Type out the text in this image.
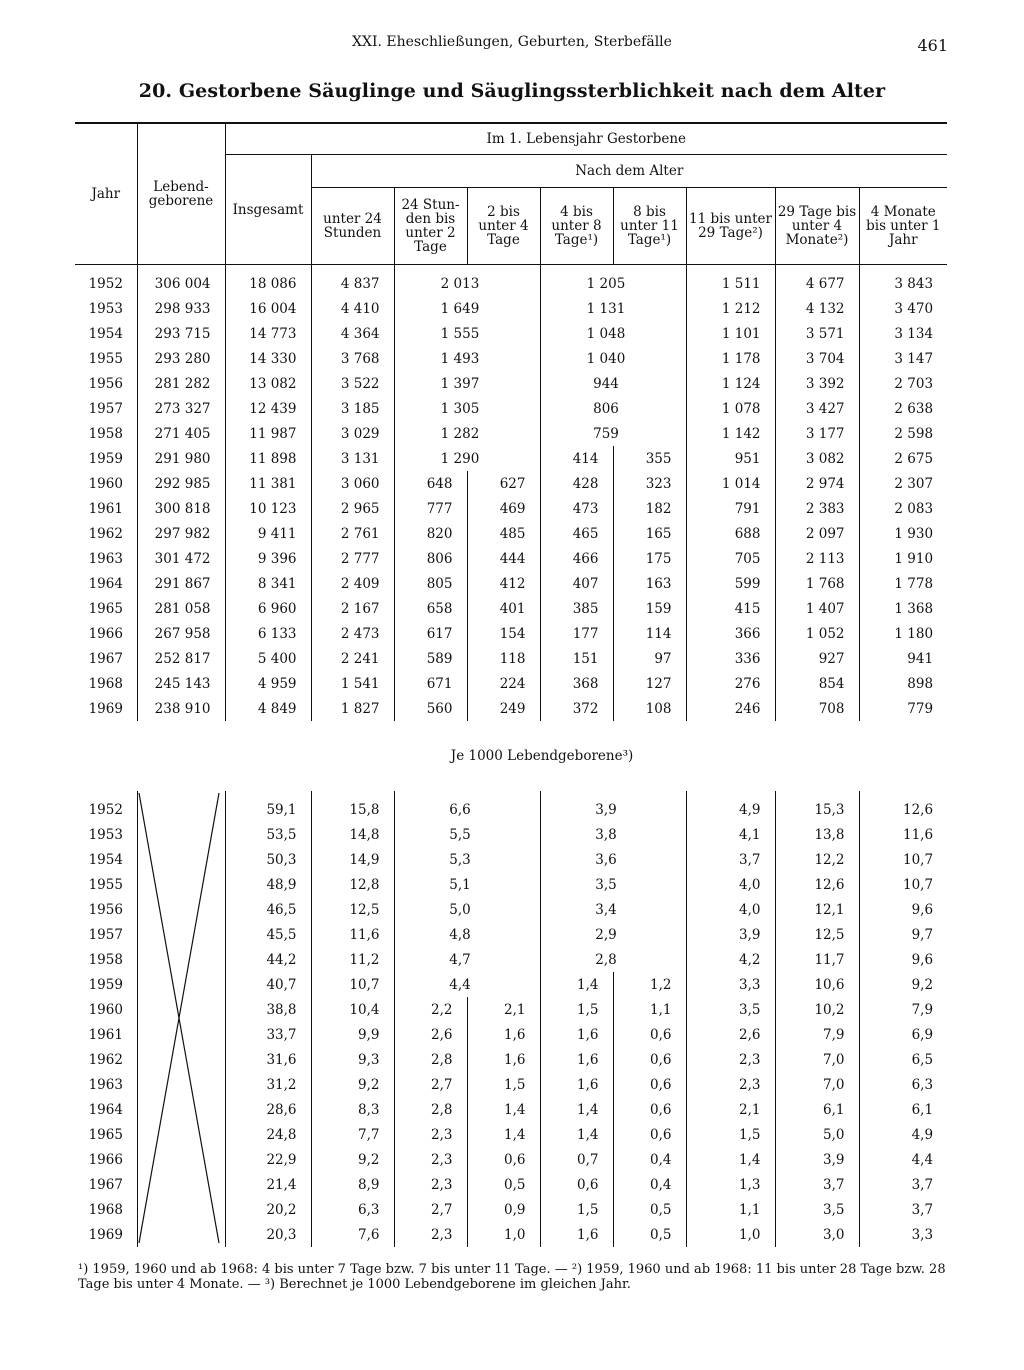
XXI. Eheschließungen, Geburten, Sterbefälle	461
20. Gestorbene Säuglinge und Säuglingssterblichkeit nach dem Alter
Jahr	Lebend-geborene	Im 1. Lebensjahr Gestorbene								
		Insgesamt	Nach dem Alter							
			unter 24 Stunden	24 Stun-den bis unter 2 Tage	2 bis unter 4 Tage	4 bis unter 8 Tage¹)	8 bis unter 11 Tage¹)	11 bis unter 29 Tage²)	29 Tage bis unter 4 Monate²)	4 Monate bis unter 1 Jahr
1952	306 004	18 086	4 837	2 013		1 205		1 511	4 677	3 843
1953	298 933	16 004	4 410	1 649		1 131		1 212	4 132	3 470
1954	293 715	14 773	4 364	1 555		1 048		1 101	3 571	3 134
1955	293 280	14 330	3 768	1 493		1 040		1 178	3 704	3 147
1956	281 282	13 082	3 522	1 397		944		1 124	3 392	2 703
1957	273 327	12 439	3 185	1 305		806		1 078	3 427	2 638
1958	271 405	11 987	3 029	1 282		759		1 142	3 177	2 598
1959	291 980	11 898	3 131	1 290		414	355	951	3 082	2 675
1960	292 985	11 381	3 060	648	627	428	323	1 014	2 974	2 307
1961	300 818	10 123	2 965	777	469	473	182	791	2 383	2 083
1962	297 982	9 411	2 761	820	485	465	165	688	2 097	1 930
1963	301 472	9 396	2 777	806	444	466	175	705	2 113	1 910
1964	291 867	8 341	2 409	805	412	407	163	599	1 768	1 778
1965	281 058	6 960	2 167	658	401	385	159	415	1 407	1 368
1966	267 958	6 133	2 473	617	154	177	114	366	1 052	1 180
1967	252 817	5 400	2 241	589	118	151	97	336	927	941
1968	245 143	4 959	1 541	671	224	368	127	276	854	898
1969	238 910	4 849	1 827	560	249	372	108	246	708	779
	Je 1000 Lebendgeborene³)									
1952		59,1	15,8	6,6		3,9		4,9	15,3	12,6
1953		53,5	14,8	5,5		3,8		4,1	13,8	11,6
1954		50,3	14,9	5,3		3,6		3,7	12,2	10,7
1955		48,9	12,8	5,1		3,5		4,0	12,6	10,7
1956		46,5	12,5	5,0		3,4		4,0	12,1	9,6
1957		45,5	11,6	4,8		2,9		3,9	12,5	9,7
1958		44,2	11,2	4,7		2,8		4,2	11,7	9,6
1959		40,7	10,7	4,4		1,4	1,2	3,3	10,6	9,2
1960		38,8	10,4	2,2	2,1	1,5	1,1	3,5	10,2	7,9
1961		33,7	9,9	2,6	1,6	1,6	0,6	2,6	7,9	6,9
1962		31,6	9,3	2,8	1,6	1,6	0,6	2,3	7,0	6,5
1963		31,2	9,2	2,7	1,5	1,6	0,6	2,3	7,0	6,3
1964		28,6	8,3	2,8	1,4	1,4	0,6	2,1	6,1	6,1
1965		24,8	7,7	2,3	1,4	1,4	0,6	1,5	5,0	4,9
1966		22,9	9,2	2,3	0,6	0,7	0,4	1,4	3,9	4,4
1967		21,4	8,9	2,3	0,5	0,6	0,4	1,3	3,7	3,7
1968		20,2	6,3	2,7	0,9	1,5	0,5	1,1	3,5	3,7
1969		20,3	7,6	2,3	1,0	1,6	0,5	1,0	3,0	3,3
¹) 1959, 1960 und ab 1968: 4 bis unter 7 Tage bzw. 7 bis unter 11 Tage. — ²) 1959, 1960 und ab 1968: 11 bis unter 28 Tage bzw. 28 Tage bis unter 4 Monate. — ³) Berechnet je 1000 Lebendgeborene im gleichen Jahr.
